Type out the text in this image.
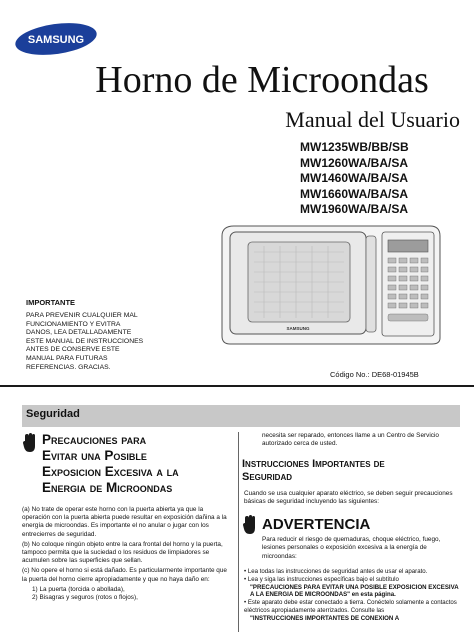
SAMSUNG
Horno de Microondas
Manual del Usuario
MW1235WB/BB/SB
MW1260WA/BA/SA
MW1460WA/BA/SA
MW1660WA/BA/SA
MW1960WA/BA/SA
SAMSUNG
IMPORTANTE
PARA PREVENIR CUALQUIER MAL
FUNCIONAMIENTO Y EVITRA
DANOS, LEA DETALLADAMENTE
ESTE MANUAL DE INSTRUCCIONES
ANTES DE CONSERVE ESTE
MANUAL PARA FUTURAS
REFERENCIAS. GRACIAS.
Código No.: DE68-01945B
Seguridad
Precauciones para
Evitar una Posible
Exposicion Excesiva a la
Energia de Microondas

(a) No trate de operar este horno con la puerta abierta ya que la operación con la puerta abierta puede resultar en exposición dañina a la energía de microondas. Es importante el no anular o jugar con los entrecierres de seguridad.

(b) No coloque ningún objeto entre la cara frontal del horno y la puerta, tampoco permita que la suciedad o los residuos de limpiadores se acumulen sobre las superficies que sellan.

(c) No opere el horno si está dañado. Es particularmente importante que la puerta del horno cierre apropiadamente y que no haya daño en:

1) La puerta (torcida o abollada),

2) Bisagras y seguros (rotos o flojos),

necesita ser reparado, entonces llame a un Centro de Servicio autorizado cerca de usted.
Instrucciones Importantes de
Seguridad
Cuando se usa cualquier aparato eléctrico, se deben seguir precauciones básicas de seguridad incluyendo las siguientes:
ADVERTENCIA
Para reducir el riesgo de quemaduras, choque eléctrico, fuego, lesiones personales o exposición excesiva a la energía de microondas:
• Lea todas las instrucciones de seguridad antes de usar el aparato.
• Lea y siga las instrucciones específicas bajo el subtítulo
"PRECAUCIONES PARA EVITAR UNA POSIBLE EXPOSICION EXCESIVA A LA ENERGIA DE MICROONDAS" en esta página.
• Este aparato debe estar conectado a tierra. Conéctelo solamente a contactos eléctricos apropiadamente aterrizados. Consulte las
"INSTRUCCIONES IMPORTANTES DE CONEXION A
